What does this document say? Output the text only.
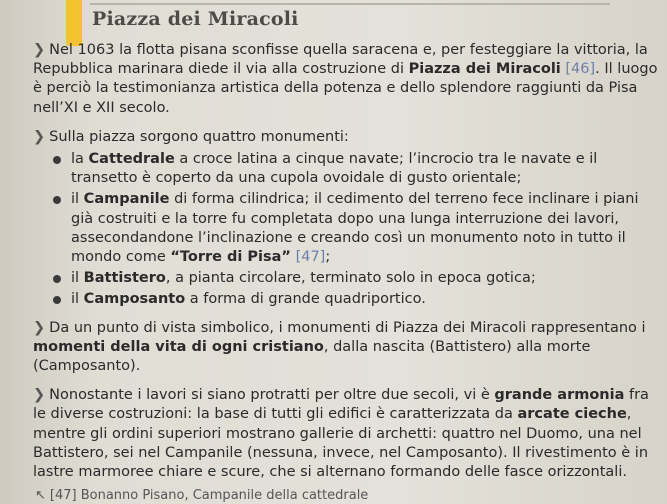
Piazza dei Miracoli

❯ Nel 1063 la flotta pisana sconfisse quella saracena e, per festeggiare la vittoria, la Repubblica marinara diede il via alla costruzione di Piazza dei Miracoli [46]. Il luogo è perciò la testimonianza artistica della potenza e dello splendore raggiunti da Pisa nell’XI e XII secolo.

❯ Sulla piazza sorgono quattro monumenti:

la Cattedrale a croce latina a cinque navate; l’incrocio tra le navate e il transetto è coperto da una cupola ovoidale di gusto orientale;
il Campanile di forma cilindrica; il cedimento del terreno fece inclinare i piani già costruiti e la torre fu completata dopo una lunga interruzione dei lavori, assecondandone l’inclinazione e creando così un monumento noto in tutto il mondo come “Torre di Pisa” [47];
il Battistero, a pianta circolare, terminato solo in epoca gotica;
il Camposanto a forma di grande quadriportico.

❯ Da un punto di vista simbolico, i monumenti di Piazza dei Miracoli rappresentano i momenti della vita di ogni cristiano, dalla nascita (Battistero) alla morte (Camposanto).

❯ Nonostante i lavori si siano protratti per oltre due secoli, vi è grande armonia fra le diverse costruzioni: la base di tutti gli edifici è caratterizzata da arcate cieche, mentre gli ordini superiori mostrano gallerie di archetti: quattro nel Duomo, una nel Battistero, sei nel Campanile (nessuna, invece, nel Camposanto). Il rivestimento è in lastre marmoree chiare e scure, che si alternano formando delle fasce orizzontali.

↖ [47] Bonanno Pisano, Campanile della cattedrale
